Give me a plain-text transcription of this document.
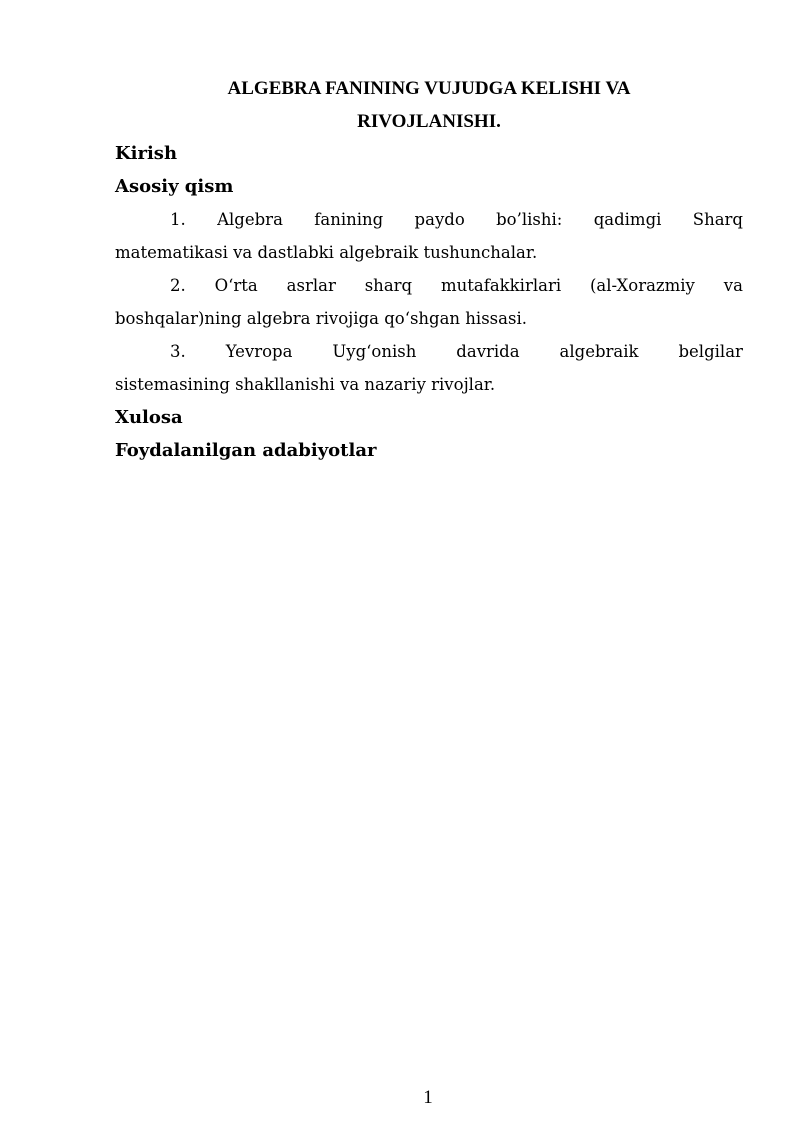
ALGEBRA FANINING VUJUDGA KELISHI VA
RIVOJLANISHI.
Kirish
Asosiy qism
1. Algebra fanining paydo bo’lishi: qadimgi Sharq
matematikasi va dastlabki algebraik tushunchalar.
2. O‘rta asrlar sharq mutafakkirlari (al-Xorazmiy va
boshqalar)ning algebra rivojiga qo‘shgan hissasi.
3. Yevropa Uyg‘onish davrida algebraik belgilar
sistemasining shakllanishi va nazariy rivojlar.
Xulosa
Foydalanilgan adabiyotlar
1
